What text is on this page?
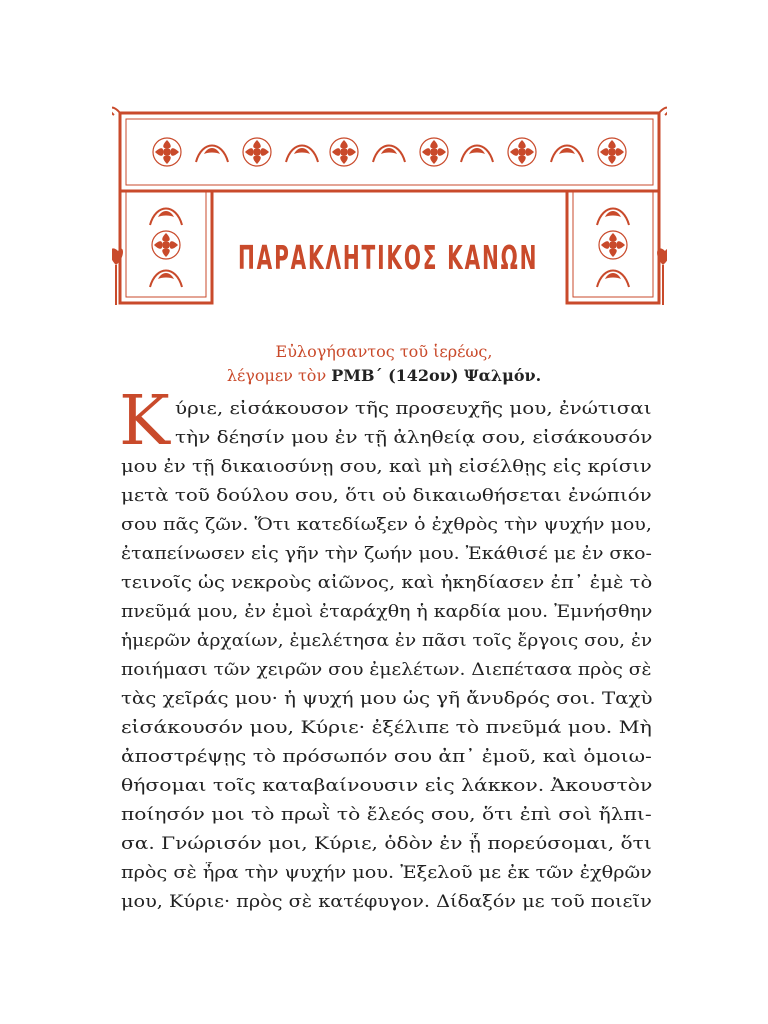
ΠΑΡΑΚΛΗΤΙΚΟΣ ΚΑΝΩΝ
Εὐλογήσαντος τοῦ ἱερέως,
λέγομεν τὸν ΡΜΒ´ (142ον) Ψαλμόν.
Κ ύριε, εἰσάκουσον τῆς προσευχῆς μου, ἐνώτισαι
τὴν δέησίν μου ἐν τῇ ἀληθείᾳ σου, εἰσάκουσόν
μου ἐν τῇ δικαιοσύνῃ σου, καὶ μὴ εἰσέλθῃς εἰς κρίσιν
μετὰ τοῦ δούλου σου, ὅτι οὐ δικαιωθήσεται ἐνώπιόν
σου πᾶς ζῶν. Ὅτι κατεδίωξεν ὁ ἐχθρὸς τὴν ψυχήν μου,
ἐταπείνωσεν εἰς γῆν τὴν ζωήν μου. Ἐκάθισέ με ἐν σκο-
τεινοῖς ὡς νεκροὺς αἰῶνος, καὶ ἠκηδίασεν ἐπ᾿ ἐμὲ τὸ
πνεῦμά μου, ἐν ἐμοὶ ἐταράχθη ἡ καρδία μου. Ἐμνήσθην
ἡμερῶν ἀρχαίων, ἐμελέτησα ἐν πᾶσι τοῖς ἔργοις σου, ἐν
ποιήμασι τῶν χειρῶν σου ἐμελέτων. Διεπέτασα πρὸς σὲ
τὰς χεῖράς μου· ἡ ψυχή μου ὡς γῆ ἄνυδρός σοι. Ταχὺ
εἰσάκουσόν μου, Κύριε· ἐξέλιπε τὸ πνεῦμά μου. Μὴ
ἀποστρέψῃς τὸ πρόσωπόν σου ἀπ᾿ ἐμοῦ, καὶ ὁμοιω-
θήσομαι τοῖς καταβαίνουσιν εἰς λάκκον. Ἀκουστὸν
ποίησόν μοι τὸ πρωῒ τὸ ἔλεός σου, ὅτι ἐπὶ σοὶ ἤλπι-
σα. Γνώρισόν μοι, Κύριε, ὁδὸν ἐν ᾗ πορεύσομαι, ὅτι
πρὸς σὲ ἦρα τὴν ψυχήν μου. Ἐξελοῦ με ἐκ τῶν ἐχθρῶν
μου, Κύριε· πρὸς σὲ κατέφυγον. Δίδαξόν με τοῦ ποιεῖν
